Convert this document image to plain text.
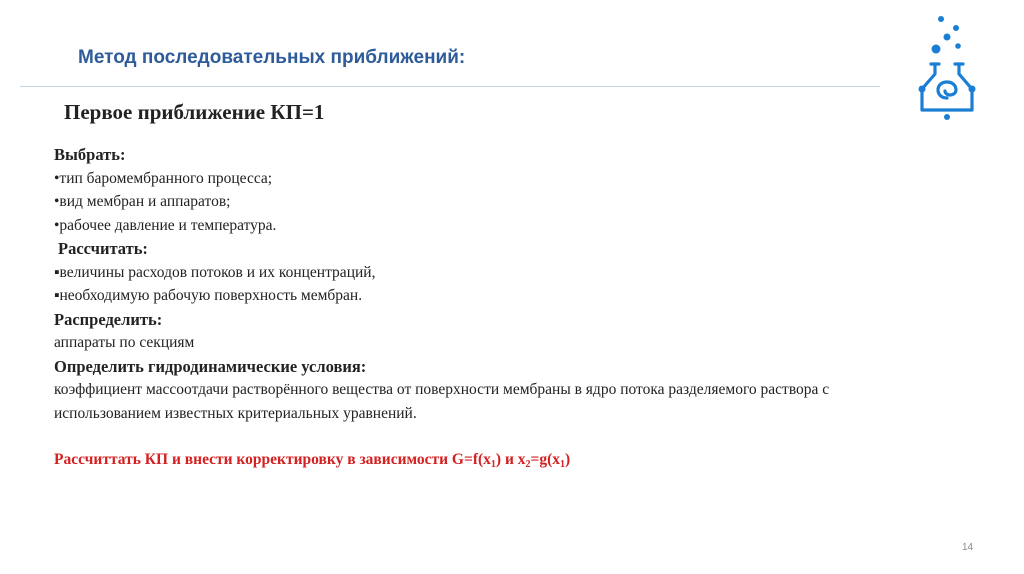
Метод последовательных приближений:
Первое приближение КП=1
Выбрать:
•тип баромембранного процесса;
•вид мембран и аппаратов;
•рабочее давление и температура.
Рассчитать:
▪величины расходов потоков и их концентраций,
▪необходимую рабочую поверхность мембран.
Распределить:
аппараты по секциям
Определить гидродинамические условия:
коэффициент массоотдачи растворённого вещества от поверхности мембраны в ядро потока разделяемого раствора с использованием известных критериальных уравнений.
Рассчиттать КП и внести корректировку в зависимости $G=f(x_1)$ и $x_2=g(x_1)$
14
